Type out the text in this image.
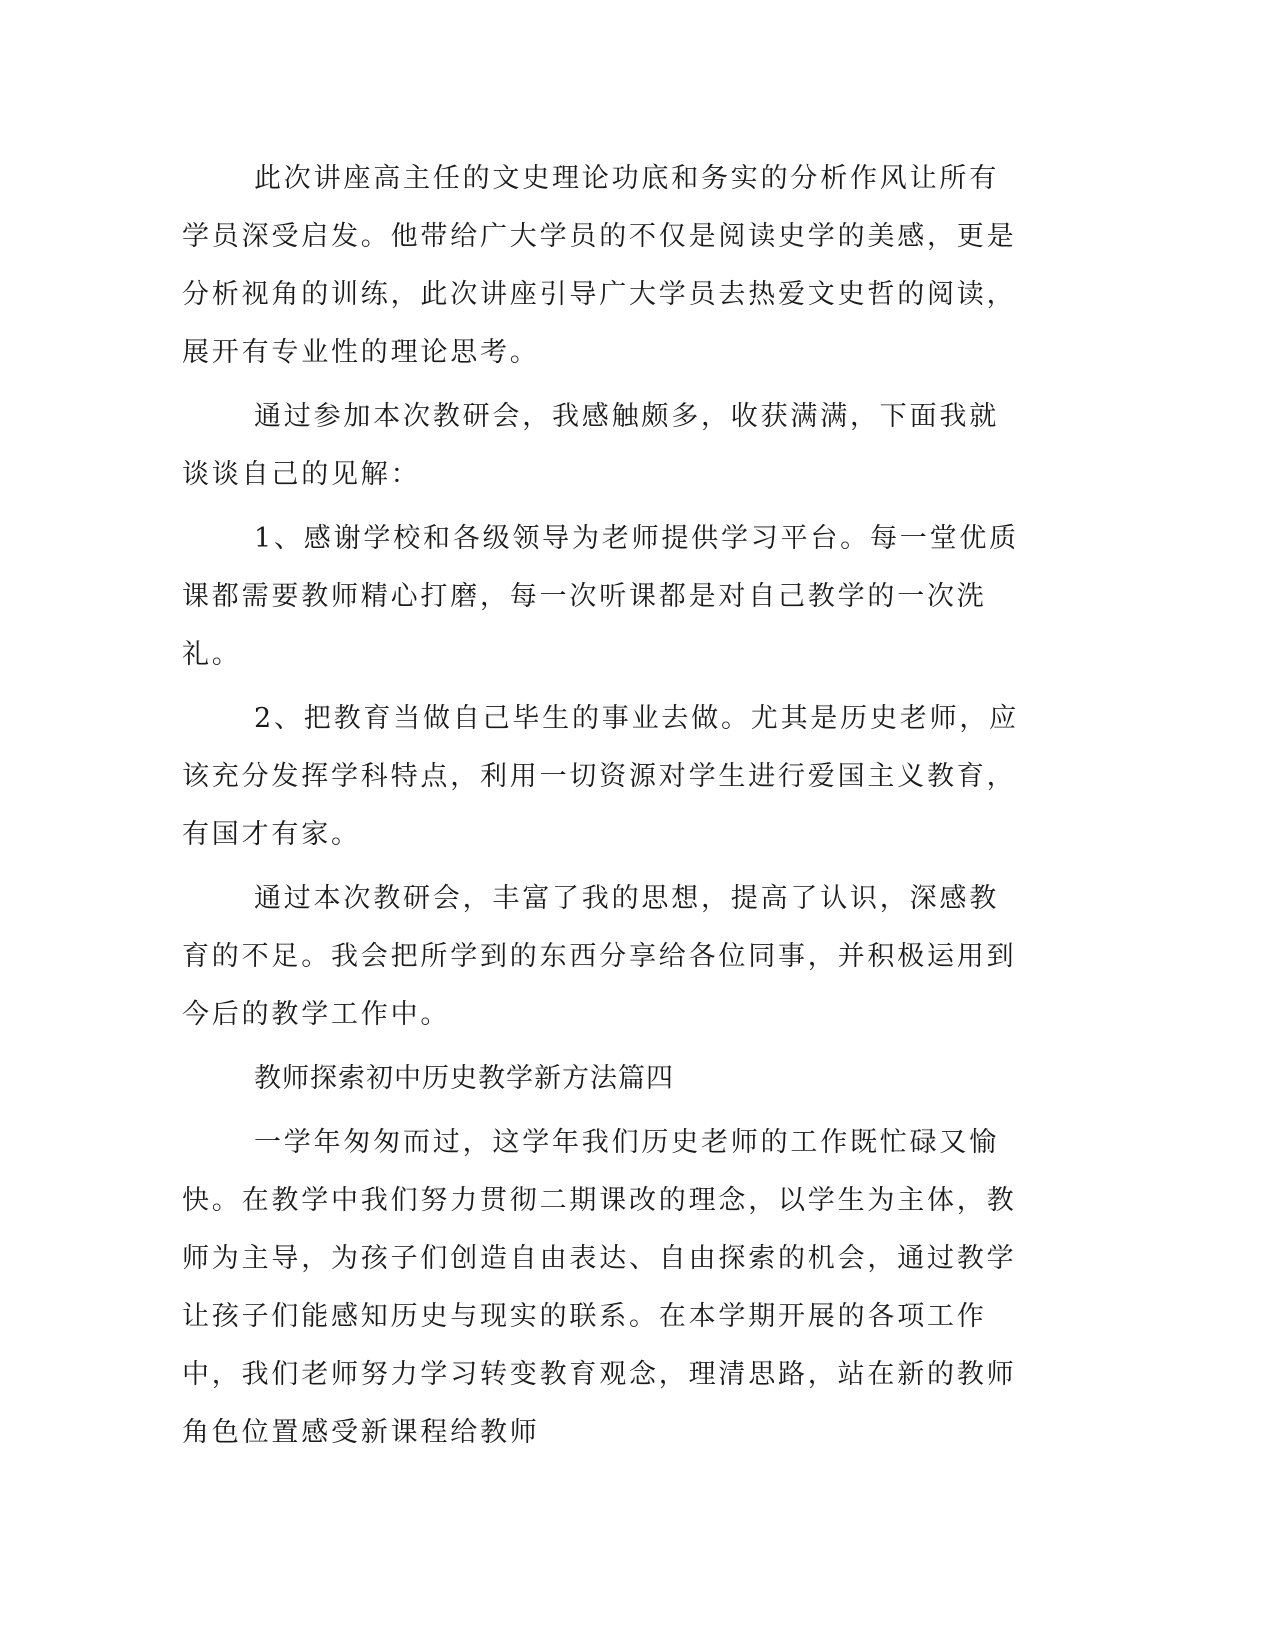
此次讲座高主任的文史理论功底和务实的分析作风让所有学员深受启发。他带给广大学员的不仅是阅读史学的美感，更是分析视角的训练，此次讲座引导广大学员去热爱文史哲的阅读，展开有专业性的理论思考。

通过参加本次教研会，我感触颇多，收获满满，下面我就谈谈自己的见解：

1、感谢学校和各级领导为老师提供学习平台。每一堂优质课都需要教师精心打磨，每一次听课都是对自己教学的一次洗礼。

2、把教育当做自己毕生的事业去做。尤其是历史老师，应该充分发挥学科特点，利用一切资源对学生进行爱国主义教育，有国才有家。

通过本次教研会，丰富了我的思想，提高了认识，深感教育的不足。我会把所学到的东西分享给各位同事，并积极运用到今后的教学工作中。

教师探索初中历史教学新方法篇四

一学年匆匆而过，这学年我们历史老师的工作既忙碌又愉快。在教学中我们努力贯彻二期课改的理念，以学生为主体，教师为主导，为孩子们创造自由表达、自由探索的机会，通过教学让孩子们能感知历史与现实的联系。在本学期开展的各项工作中，我们老师努力学习转变教育观念，理清思路，站在新的教师角色位置感受新课程给教师
